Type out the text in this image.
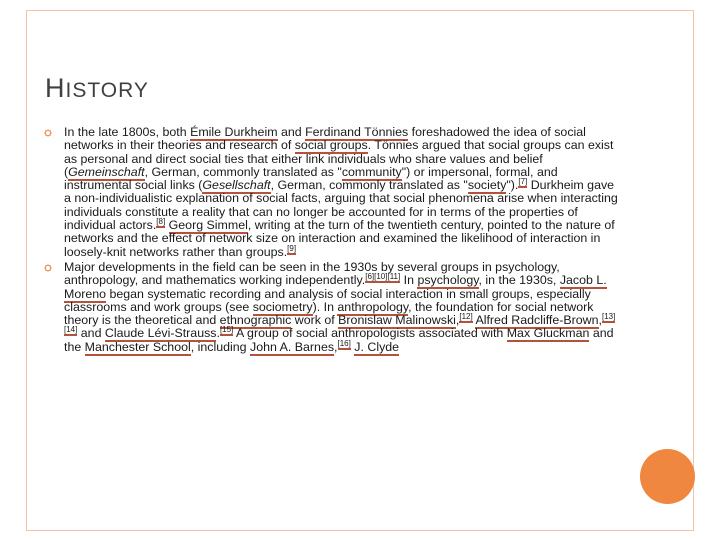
HISTORY
In the late 1800s, both Émile Durkheim and Ferdinand Tönnies foreshadowed the idea of social networks in their theories and research of social groups. Tönnies argued that social groups can exist as personal and direct social ties that either link individuals who share values and belief (Gemeinschaft, German, commonly translated as "community") or impersonal, formal, and instrumental social links (Gesellschaft, German, commonly translated as "society").[7] Durkheim gave a non-individualistic explanation of social facts, arguing that social phenomena arise when interacting individuals constitute a reality that can no longer be accounted for in terms of the properties of individual actors.[8] Georg Simmel, writing at the turn of the twentieth century, pointed to the nature of networks and the effect of network size on interaction and examined the likelihood of interaction in loosely-knit networks rather than groups.[9]
Major developments in the field can be seen in the 1930s by several groups in psychology, anthropology, and mathematics working independently.[6][10][11] In psychology, in the 1930s, Jacob L. Moreno began systematic recording and analysis of social interaction in small groups, especially classrooms and work groups (see sociometry). In anthropology, the foundation for social network theory is the theoretical and ethnographic work of Bronislaw Malinowski,[12] Alfred Radcliffe-Brown,[13][14] and Claude Lévi-Strauss.[15] A group of social anthropologists associated with Max Gluckman and the Manchester School, including John A. Barnes,[16] J. Clyde
